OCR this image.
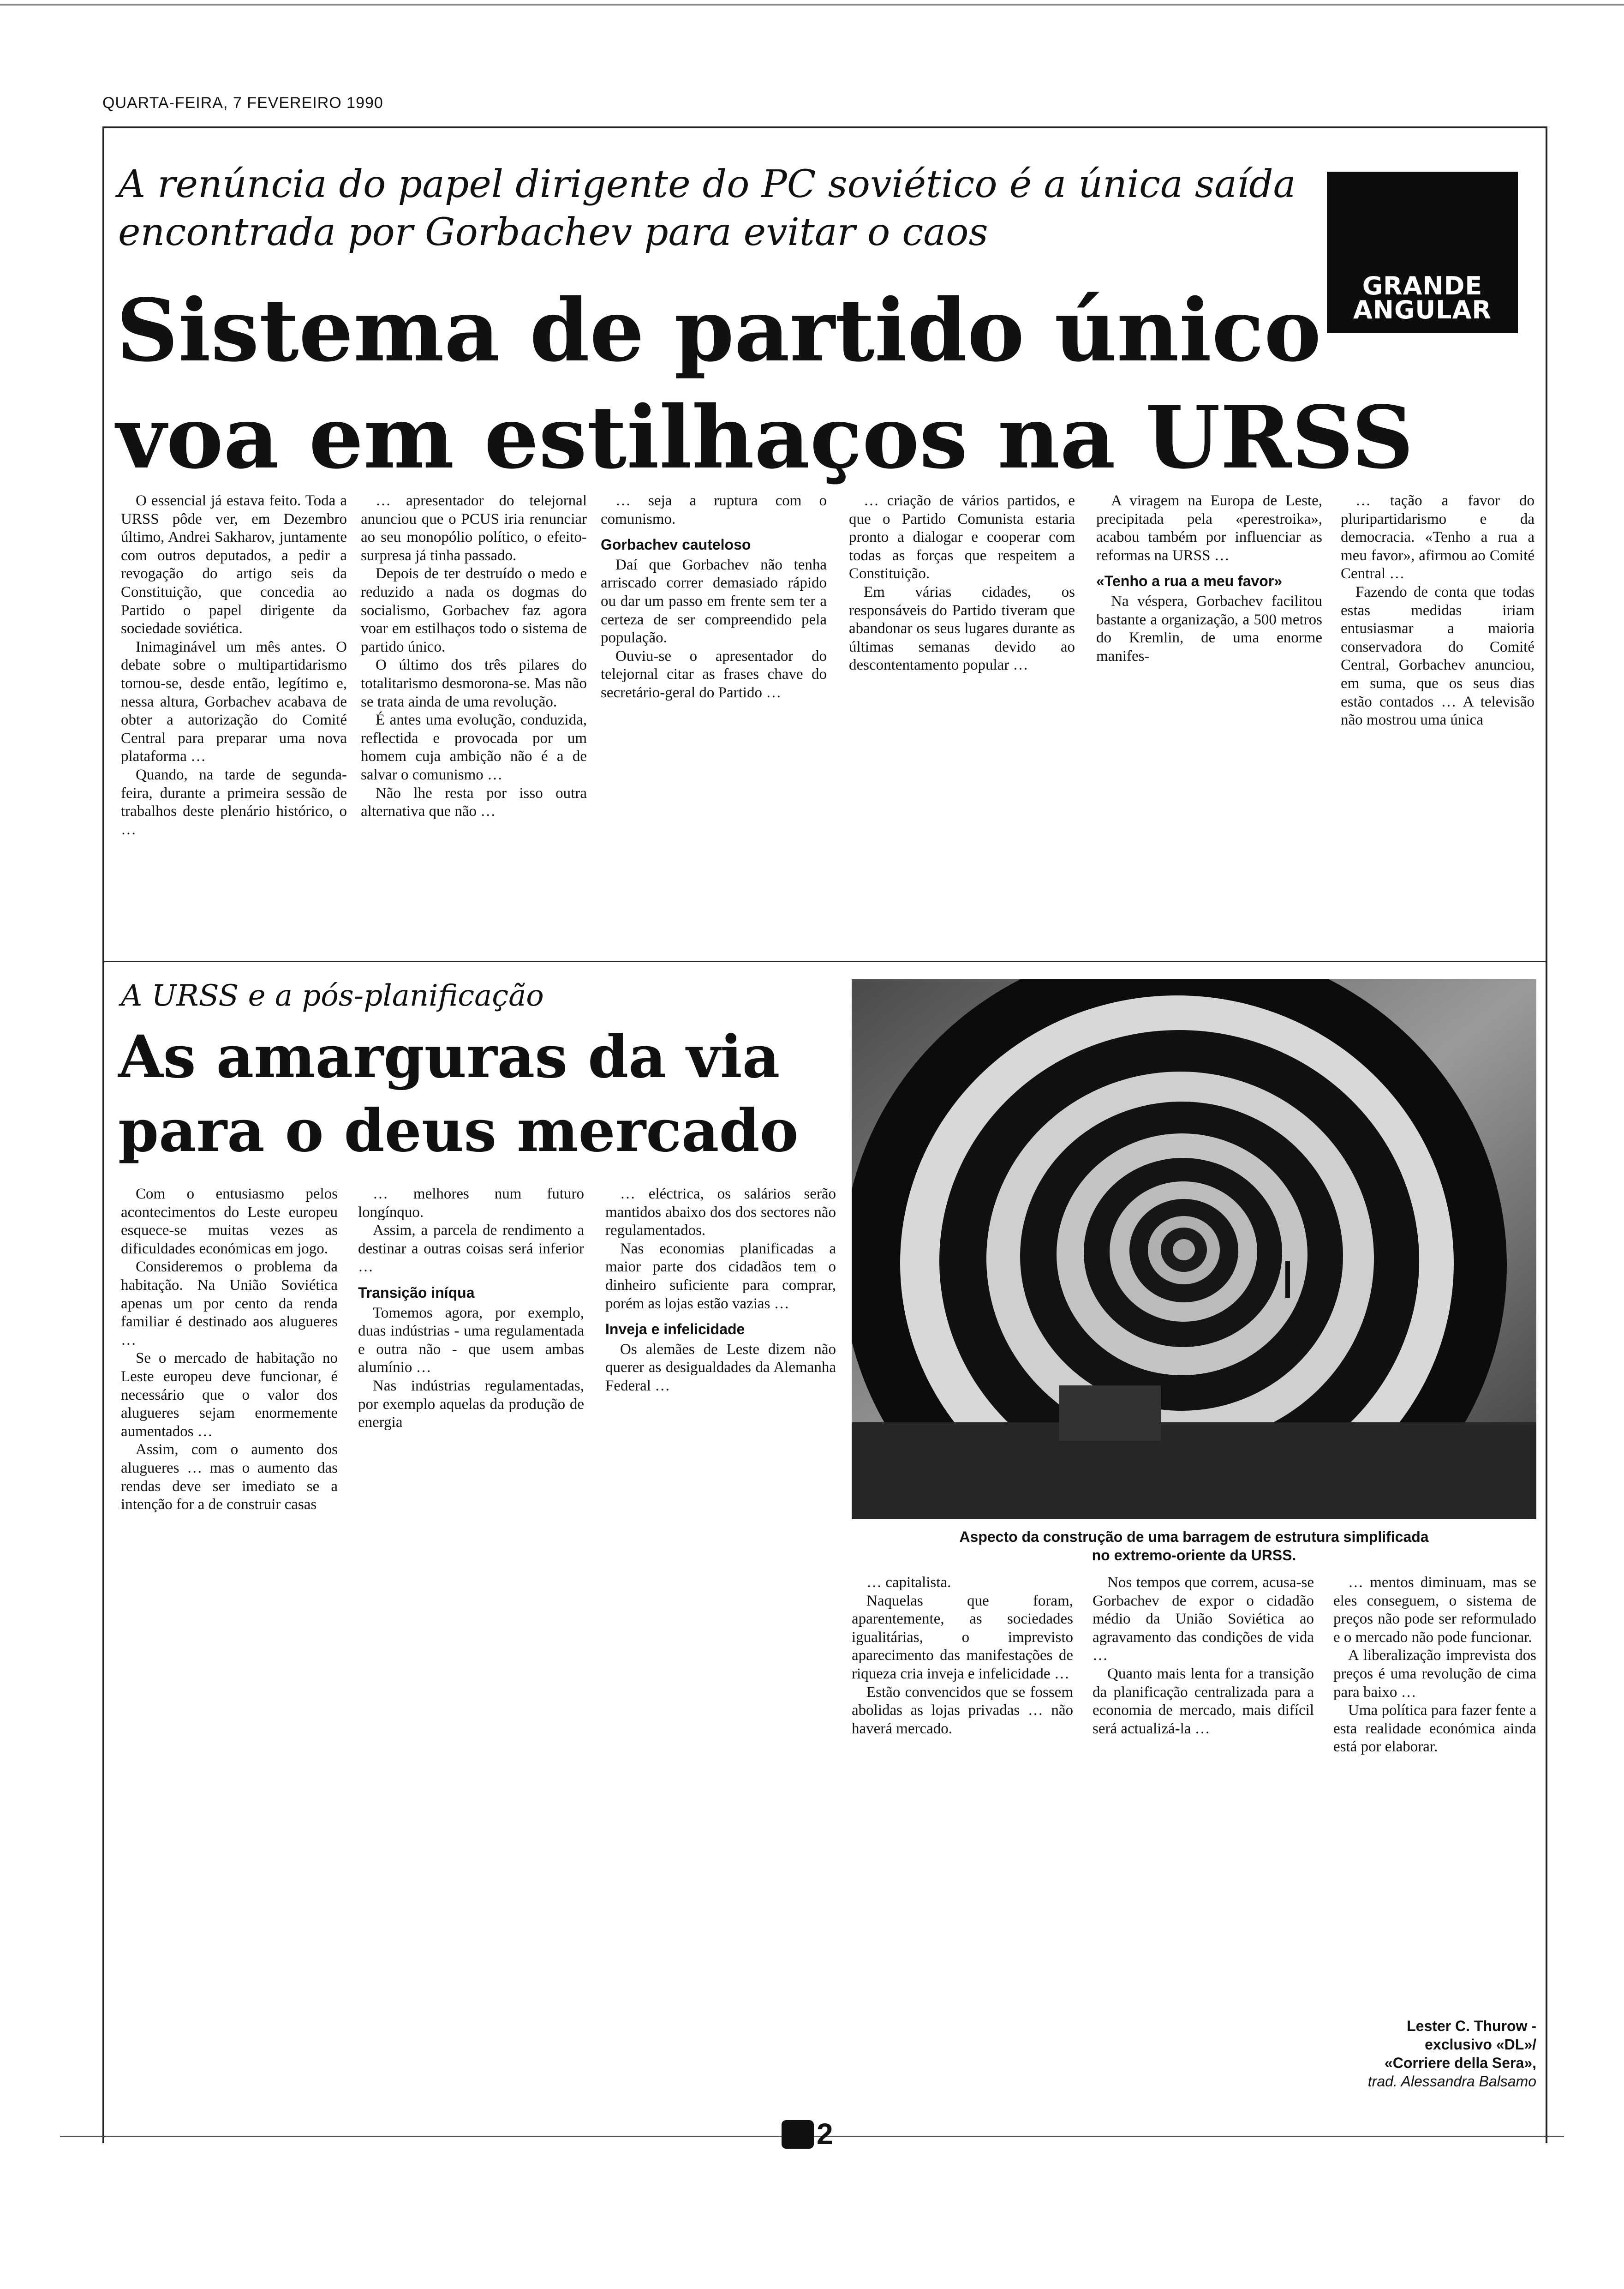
QUARTA-FEIRA, 7 FEVEREIRO 1990
A renúncia do papel dirigente do PC soviético é a única saída
encontrada por Gorbachev para evitar o caos
GRANDE
ANGULAR
Sistema de partido único
voa em estilhaços na URSS

O essencial já estava feito. Toda a URSS pôde ver, em Dezembro último, Andrei Sakharov, juntamente com outros deputados, a pedir a revogação do artigo seis da Constituição, que concedia ao Partido o papel dirigente da sociedade soviética.

Inimaginável um mês antes. O debate sobre o multipartidarismo tornou-se, desde então, legítimo e, nessa altura, Gorbachev acabava de obter a autorização do Comité Central para preparar uma nova plataforma …

Quando, na tarde de segunda-feira, durante a primeira sessão de trabalhos deste plenário histórico, o …

… apresentador do telejornal anunciou que o PCUS iria renunciar ao seu monopólio político, o efeito-surpresa já tinha passado.

Depois de ter destruído o medo e reduzido a nada os dogmas do socialismo, Gorbachev faz agora voar em estilhaços todo o sistema de partido único.

O último dos três pilares do totalitarismo desmorona-se. Mas não se trata ainda de uma revolução.

É antes uma evolução, conduzida, reflectida e provocada por um homem cuja ambição não é a de salvar o comunismo …

Não lhe resta por isso outra alternativa que não …

… seja a ruptura com o comunismo.

Gorbachev cauteloso

Daí que Gorbachev não tenha arriscado correr demasiado rápido ou dar um passo em frente sem ter a certeza de ser compreendido pela população.

Ouviu-se o apresentador do telejornal citar as frases chave do secretário-geral do Partido …

… criação de vários partidos, e que o Partido Comunista estaria pronto a dialogar e cooperar com todas as forças que respeitem a Constituição.

Em várias cidades, os responsáveis do Partido tiveram que abandonar os seus lugares durante as últimas semanas devido ao descontentamento popular …

A viragem na Europa de Leste, precipitada pela «perestroika», acabou também por influenciar as reformas na URSS …

«Tenho a rua a meu favor»

Na véspera, Gorbachev facilitou bastante a organização, a 500 metros do Kremlin, de uma enorme manifes-

… tação a favor do pluripartidarismo e da democracia. «Tenho a rua a meu favor», afirmou ao Comité Central …

Fazendo de conta que todas estas medidas iriam entusiasmar a maioria conservadora do Comité Central, Gorbachev anunciou, em suma, que os seus dias estão contados … A televisão não mostrou uma única

A URSS e a pós-planificação
As amarguras da via
para o deus mercado
Aspecto da construção de uma barragem de estrutura simplificada
no extremo-oriente da URSS.

Com o entusiasmo pelos acontecimentos do Leste europeu esquece-se muitas vezes as dificuldades económicas em jogo.

Consideremos o problema da habitação. Na União Soviética apenas um por cento da renda familiar é destinado aos alugueres …

Se o mercado de habitação no Leste europeu deve funcionar, é necessário que o valor dos alugueres sejam enormemente aumentados …

Assim, com o aumento dos alugueres … mas o aumento das rendas deve ser imediato se a intenção for a de construir casas

… melhores num futuro longínquo.

Assim, a parcela de rendimento a destinar a outras coisas será inferior …

Transição iníqua

Tomemos agora, por exemplo, duas indústrias - uma regulamentada e outra não - que usem ambas alumínio …

Nas indústrias regulamentadas, por exemplo aquelas da produção de energia

… eléctrica, os salários serão mantidos abaixo dos dos sectores não regulamentados.

Nas economias planificadas a maior parte dos cidadãos tem o dinheiro suficiente para comprar, porém as lojas estão vazias …

Inveja e infelicidade

Os alemães de Leste dizem não querer as desigualdades da Alemanha Federal …

… capitalista.

Naquelas que foram, aparentemente, as sociedades igualitárias, o imprevisto aparecimento das manifestações de riqueza cria inveja e infelicidade …

Estão convencidos que se fossem abolidas as lojas privadas … não haverá mercado.

Nos tempos que correm, acusa-se Gorbachev de expor o cidadão médio da União Soviética ao agravamento das condições de vida …

Quanto mais lenta for a transição da planificação centralizada para a economia de mercado, mais difícil será actualizá-la …

… mentos diminuam, mas se eles conseguem, o sistema de preços não pode ser reformulado e o mercado não pode funcionar.

A liberalização imprevista dos preços é uma revolução de cima para baixo …

Uma política para fazer fente a esta realidade económica ainda está por elaborar.

Lester C. Thurow -
exclusivo «DL»/
«Corriere della Sera»,
trad. Alessandra Balsamo
2
